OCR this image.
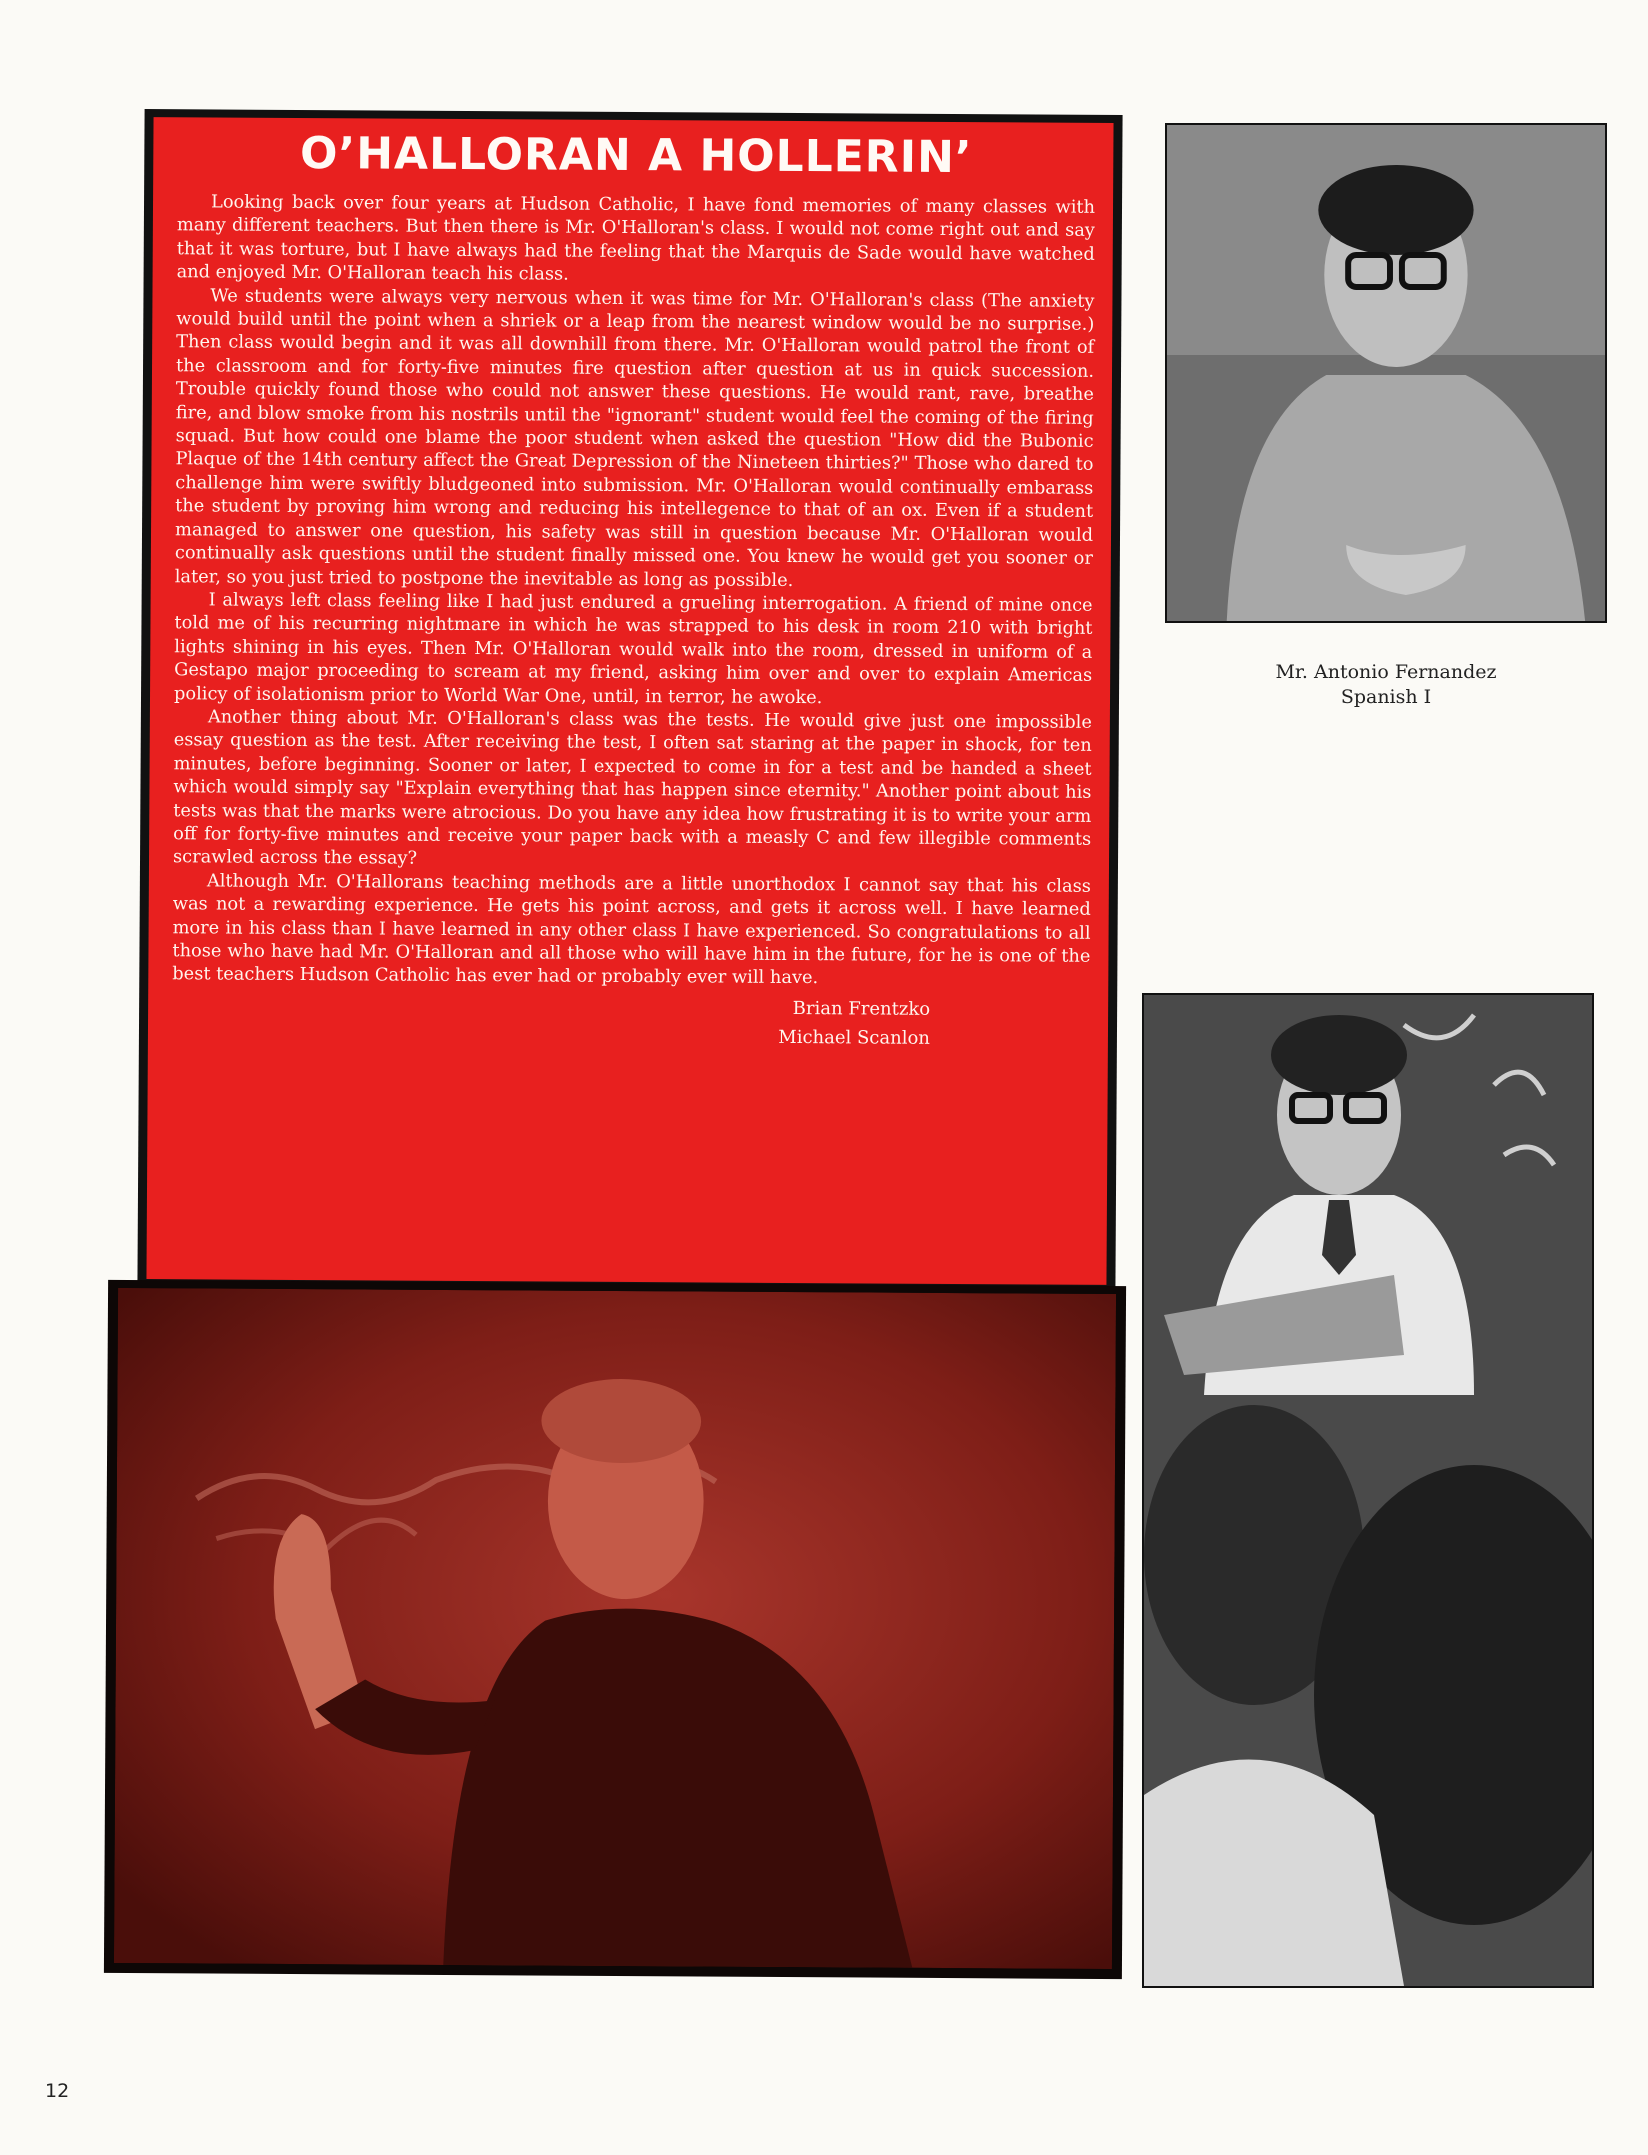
O’HALLORAN A HOLLERIN’

Looking back over four years at Hudson Catholic, I have fond memories of many classes with many different teachers. But then there is Mr. O'Halloran's class. I would not come right out and say that it was torture, but I have always had the feeling that the Marquis de Sade would have watched and enjoyed Mr. O'Halloran teach his class.

We students were always very nervous when it was time for Mr. O'Halloran's class (The anxiety would build until the point when a shriek or a leap from the nearest window would be no surprise.) Then class would begin and it was all downhill from there. Mr. O'Halloran would patrol the front of the classroom and for forty-five minutes fire question after question at us in quick succession. Trouble quickly found those who could not answer these questions. He would rant, rave, breathe fire, and blow smoke from his nostrils until the "ignorant" student would feel the coming of the firing squad. But how could one blame the poor student when asked the question "How did the Bubonic Plaque of the 14th century affect the Great Depression of the Nineteen thirties?" Those who dared to challenge him were swiftly bludgeoned into submission. Mr. O'Halloran would continually embarass the student by proving him wrong and reducing his intellegence to that of an ox. Even if a student managed to answer one question, his safety was still in question because Mr. O'Halloran would continually ask questions until the student finally missed one. You knew he would get you sooner or later, so you just tried to postpone the inevitable as long as possible.

I always left class feeling like I had just endured a grueling interrogation. A friend of mine once told me of his recurring nightmare in which he was strapped to his desk in room 210 with bright lights shining in his eyes. Then Mr. O'Halloran would walk into the room, dressed in uniform of a Gestapo major proceeding to scream at my friend, asking him over and over to explain Americas policy of isolationism prior to World War One, until, in terror, he awoke.

Another thing about Mr. O'Halloran's class was the tests. He would give just one impossible essay question as the test. After receiving the test, I often sat staring at the paper in shock, for ten minutes, before beginning. Sooner or later, I expected to come in for a test and be handed a sheet which would simply say "Explain everything that has happen since eternity." Another point about his tests was that the marks were atrocious. Do you have any idea how frustrating it is to write your arm off for forty-five minutes and receive your paper back with a measly C and few illegible comments scrawled across the essay?

Although Mr. O'Hallorans teaching methods are a little unorthodox I cannot say that his class was not a rewarding experience. He gets his point across, and gets it across well. I have learned more in his class than I have learned in any other class I have experienced. So congratulations to all those who have had Mr. O'Halloran and all those who will have him in the future, for he is one of the best teachers Hudson Catholic has ever had or probably ever will have.

Brian Frentzko
Michael Scanlon
Mr. Antonio Fernandez
Spanish I
12
